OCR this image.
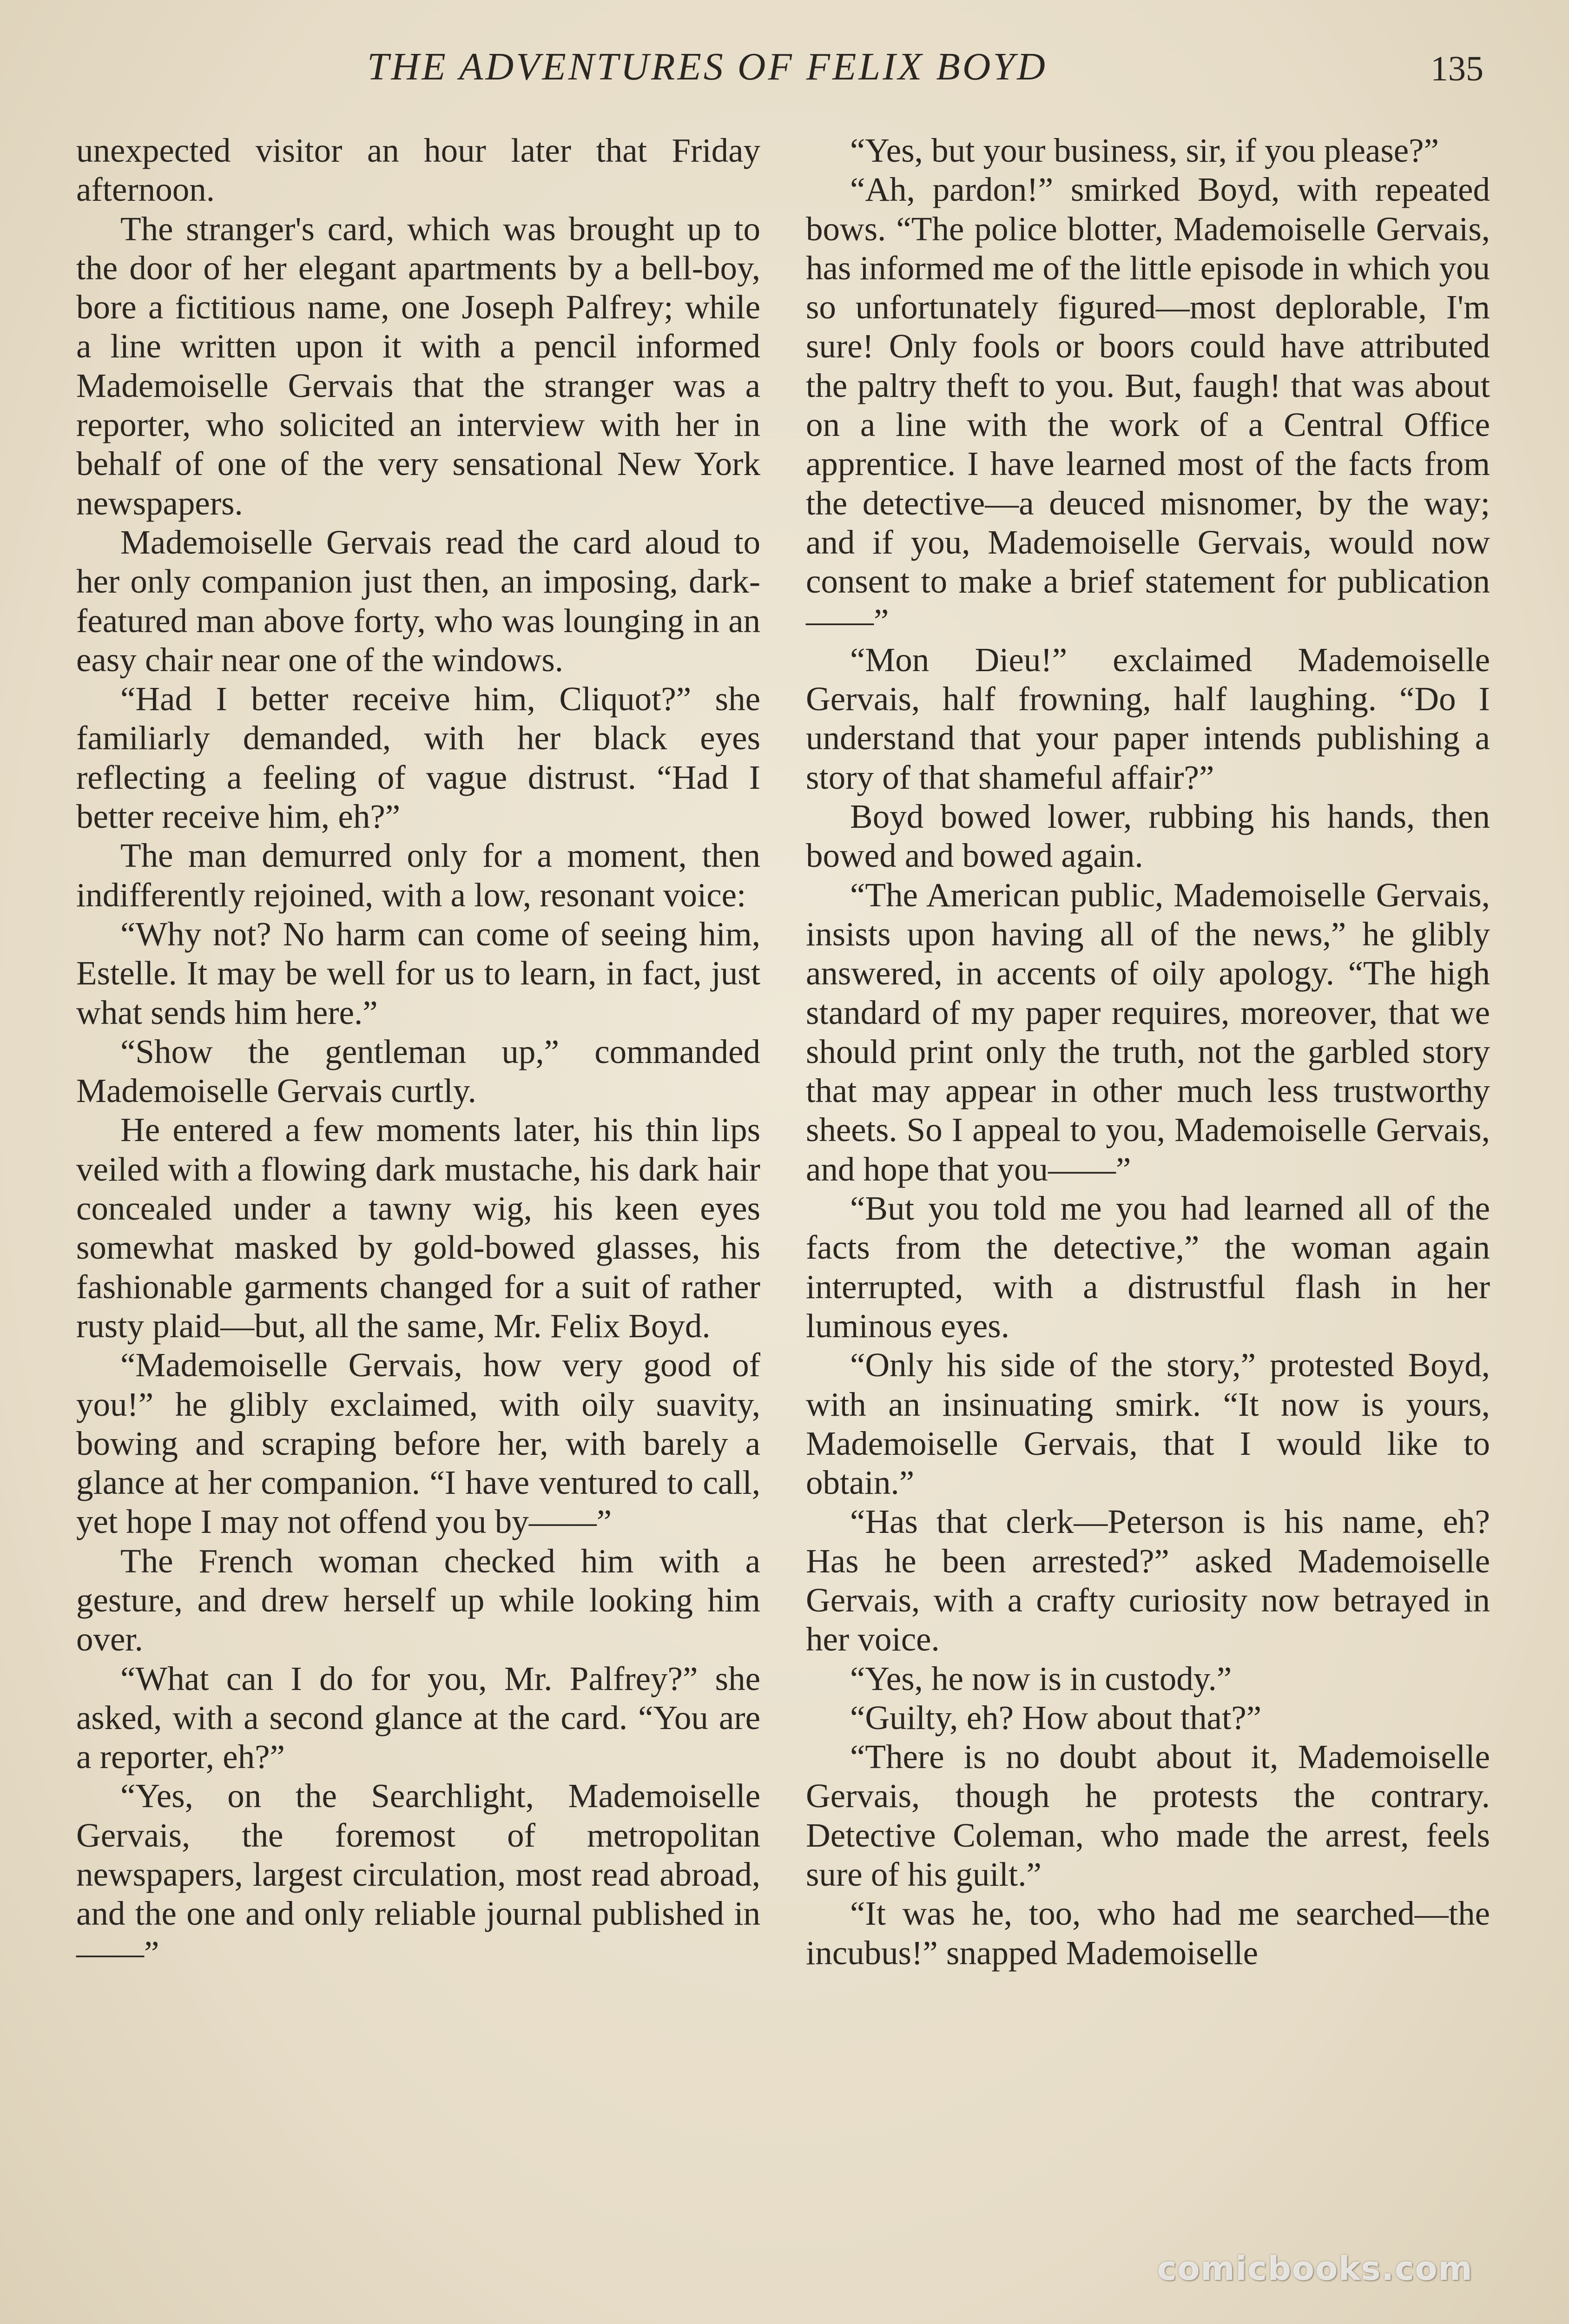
THE ADVENTURES OF FELIX BOYD	135

unexpected visitor an hour later that Friday afternoon.

The stranger's card, which was brought up to the door of her elegant apartments by a bell-boy, bore a fictitious name, one Joseph Palfrey; while a line written upon it with a pencil informed Mademoiselle Gervais that the stranger was a reporter, who solicited an interview with her in behalf of one of the very sensational New York newspapers.

Mademoiselle Gervais read the card aloud to her only companion just then, an imposing, dark-featured man above forty, who was lounging in an easy chair near one of the windows.

“Had I better receive him, Cliquot?” she familiarly demanded, with her black eyes reflecting a feeling of vague distrust. “Had I better receive him, eh?”

The man demurred only for a moment, then indifferently rejoined, with a low, resonant voice:

“Why not? No harm can come of seeing him, Estelle. It may be well for us to learn, in fact, just what sends him here.”

“Show the gentleman up,” commanded Mademoiselle Gervais curtly.

He entered a few moments later, his thin lips veiled with a flowing dark mustache, his dark hair concealed under a tawny wig, his keen eyes somewhat masked by gold-bowed glasses, his fashionable garments changed for a suit of rather rusty plaid—but, all the same, Mr. Felix Boyd.

“Mademoiselle Gervais, how very good of you!” he glibly exclaimed, with oily suavity, bowing and scraping before her, with barely a glance at her companion. “I have ventured to call, yet hope I may not offend you by——”

The French woman checked him with a gesture, and drew herself up while looking him over.

“What can I do for you, Mr. Palfrey?” she asked, with a second glance at the card. “You are a reporter, eh?”

“Yes, on the Searchlight, Mademoiselle Gervais, the foremost of metropolitan newspapers, largest circulation, most read abroad, and the one and only reliable journal published in——”

“Yes, but your business, sir, if you please?”

“Ah, pardon!” smirked Boyd, with repeated bows. “The police blotter, Mademoiselle Gervais, has informed me of the little episode in which you so unfortunately figured—most deplorable, I'm sure! Only fools or boors could have attributed the paltry theft to you. But, faugh! that was about on a line with the work of a Central Office apprentice. I have learned most of the facts from the detective—a deuced misnomer, by the way; and if you, Mademoiselle Gervais, would now consent to make a brief statement for publication——”

“Mon Dieu!” exclaimed Mademoiselle Gervais, half frowning, half laughing. “Do I understand that your paper intends publishing a story of that shameful affair?”

Boyd bowed lower, rubbing his hands, then bowed and bowed again.

“The American public, Mademoiselle Gervais, insists upon having all of the news,” he glibly answered, in accents of oily apology. “The high standard of my paper requires, moreover, that we should print only the truth, not the garbled story that may appear in other much less trustworthy sheets. So I appeal to you, Mademoiselle Gervais, and hope that you——”

“But you told me you had learned all of the facts from the detective,” the woman again interrupted, with a distrustful flash in her luminous eyes.

“Only his side of the story,” protested Boyd, with an insinuating smirk. “It now is yours, Mademoiselle Gervais, that I would like to obtain.”

“Has that clerk—Peterson is his name, eh? Has he been arrested?” asked Mademoiselle Gervais, with a crafty curiosity now betrayed in her voice.

“Yes, he now is in custody.”

“Guilty, eh? How about that?”

“There is no doubt about it, Mademoiselle Gervais, though he protests the contrary. Detective Coleman, who made the arrest, feels sure of his guilt.”

“It was he, too, who had me searched—the incubus!” snapped Mademoiselle

comicbooks.com
